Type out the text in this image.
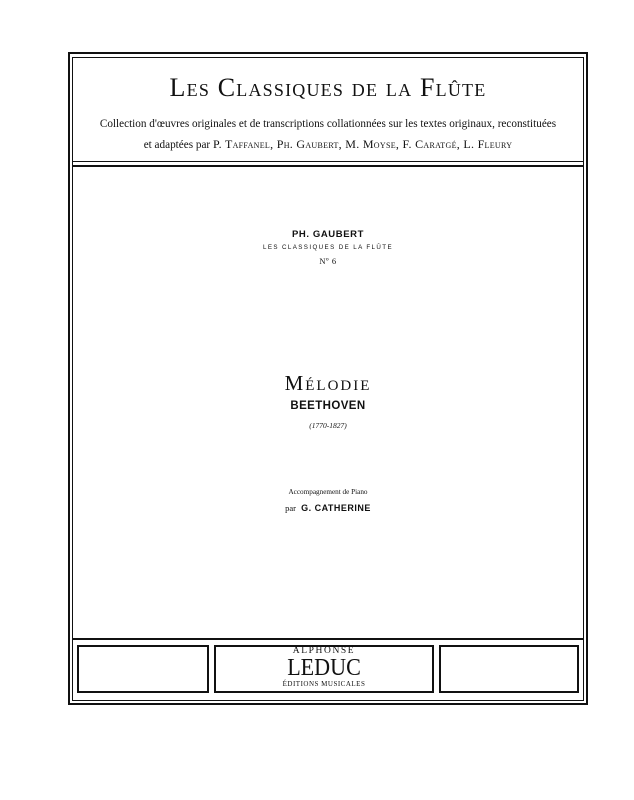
Les Classiques de la Flûte
Collection d'œuvres originales et de transcriptions collationnées sur les textes originaux, reconstituées
et adaptées par P. Taffanel, Ph. Gaubert, M. Moyse, F. Caratgé, L. Fleury
PH. GAUBERT
LES CLASSIQUES DE LA FLÛTE
Nº 6
Mélodie
BEETHOVEN
(1770-1827)
Accompagnement de Piano
par G. CATHERINE
ALPHONSE
LEDUC
ÉDITIONS MUSICALES
